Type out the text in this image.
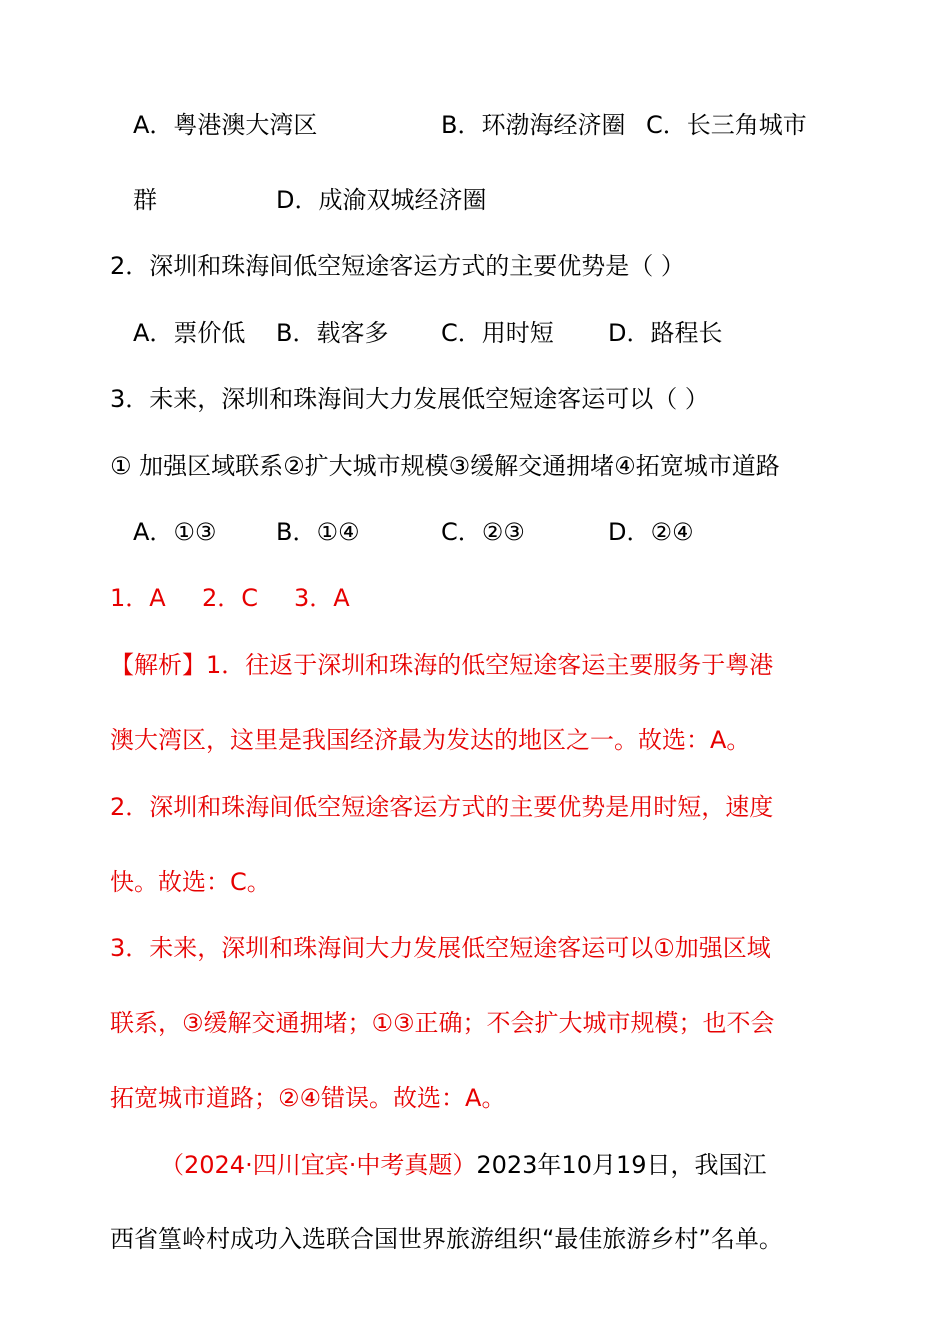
A．粤港澳大湾区	B．环渤海经济圈 C．长三角城市
群	D．成渝双城经济圈
2．深圳和珠海间低空短途客运方式的主要优势是（ ）
A．票价低 B．载客多 C．用时短 D．路程长
3．未来，深圳和珠海间大力发展低空短途客运可以（ ）
① 加强区域联系②扩大城市规模③缓解交通拥堵④拓宽城市道路
A．①③ B．①④	C．②③	D．②④
1．A 2．C 3．A
【解析】1．往返于深圳和珠海的低空短途客运主要服务于粤港
澳大湾区，这里是我国经济最为发达的地区之一。故选：A。
2．深圳和珠海间低空短途客运方式的主要优势是用时短，速度
快。故选：C。
3．未来，深圳和珠海间大力发展低空短途客运可以①加强区域
联系，③缓解交通拥堵；①③正确；不会扩大城市规模；也不会
拓宽城市道路；②④错误。故选：A。
（2024·四川宜宾·中考真题）2023年10月19日，我国江
西省篁岭村成功入选联合国世界旅游组织“最佳旅游乡村”名单。
